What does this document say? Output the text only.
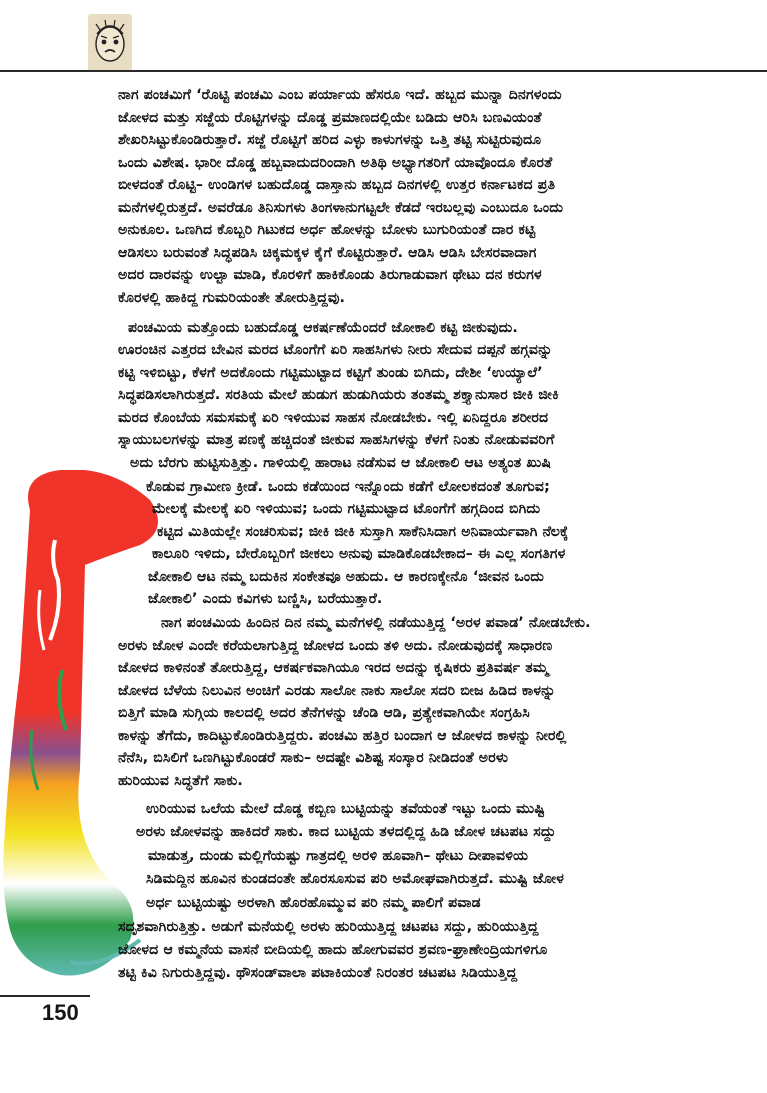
ನಾಗ ಪಂಚಮಿಗೆ ‘ರೊಟ್ಟಿ ಪಂಚಮಿ ಎಂಬ ಪರ್ಯಾಯ ಹೆಸರೂ ಇದೆ. ಹಬ್ಬದ ಮುನ್ನಾ ದಿನಗಳಂದು
ಜೋಳದ ಮತ್ತು ಸಜ್ಜೆಯ ರೊಟ್ಟಿಗಳನ್ನು ದೊಡ್ಡ ಪ್ರಮಾಣದಲ್ಲಿಯೇ ಬಡಿದು ಆರಿಸಿ ಬಣವಿಯಂತೆ
ಶೇಖರಿಸಿಟ್ಟುಕೊಂಡಿರುತ್ತಾರೆ. ಸಜ್ಜೆ ರೊಟ್ಟಿಗೆ ಹರಿದ ಎಳ್ಳು ಕಾಳುಗಳನ್ನು ಒತ್ತಿ ತಟ್ಟಿ ಸುಟ್ಟಿರುವುದೂ
ಒಂದು ವಿಶೇಷ. ಭಾರೀ ದೊಡ್ಡ ಹಬ್ಬವಾದುದರಿಂದಾಗಿ ಅತಿಥಿ ಅಭ್ಯಾಗತರಿಗೆ ಯಾವೊಂದೂ ಕೊರತೆ
ಬೀಳದಂತೆ ರೊಟ್ಟಿ– ಉಂಡಿಗಳ ಬಹುದೊಡ್ಡ ದಾಸ್ತಾನು ಹಬ್ಬದ ದಿನಗಳಲ್ಲಿ ಉತ್ತರ ಕರ್ನಾಟಕದ ಪ್ರತಿ
ಮನೆಗಳಲ್ಲಿರುತ್ತದೆ. ಅವರೆಡೂ ತಿನಿಸುಗಳು ತಿಂಗಳಾನುಗಟ್ಟಲೇ ಕೆಡದೆ ಇರಬಲ್ಲವು ಎಂಬುದೂ ಒಂದು
ಅನುಕೂಲ. ಒಣಗಿದ ಕೊಬ್ಬರಿ ಗಿಟುಕದ ಅರ್ಧ ಹೋಳನ್ನು ಬೋಳು ಬುಗುರಿಯಂತೆ ದಾರ ಕಟ್ಟಿ
ಆಡಿಸಲು ಬರುವಂತೆ ಸಿದ್ಧಪಡಿಸಿ ಚಿಕ್ಕಮಕ್ಕಳ ಕೈಗೆ ಕೊಟ್ಟಿರುತ್ತಾರೆ. ಆಡಿಸಿ ಆಡಿಸಿ ಬೇಸರವಾದಾಗ
ಅದರ ದಾರವನ್ನು ಉಲ್ಟಾ ಮಾಡಿ, ಕೊರಳಿಗೆ ಹಾಕಿಕೊಂಡು ತಿರುಗಾಡುವಾಗ ಥೇಟು ದನ ಕರುಗಳ
ಕೊರಳಲ್ಲಿ ಹಾಕಿದ್ದ ಗುಮರಿಯಂತೇ ತೋರುತ್ತಿದ್ದವು.
ಪಂಚಮಿಯ ಮತ್ತೊಂದು ಬಹುದೊಡ್ಡ ಆಕರ್ಷಣೆಯೆಂದರೆ ಜೋಕಾಲಿ ಕಟ್ಟಿ ಜೀಕುವುದು.
ಊರಂಚಿನ ಎತ್ತರದ ಬೇವಿನ ಮರದ ಟೊಂಗೆಗೆ ಏರಿ ಸಾಹಸಿಗಳು ನೀರು ಸೇದುವ ದಪ್ಪನೆ ಹಗ್ಗವನ್ನು
ಕಟ್ಟಿ ಇಳಿಬಿಟ್ಟು, ಕೆಳಗೆ ಅದಕೊಂದು ಗಟ್ಟಿಮುಟ್ಟಾದ ಕಟ್ಟಿಗೆ ತುಂಡು ಬಿಗಿದು, ದೇಶೀ ‘ಉಯ್ಯಾಲೆ’
ಸಿದ್ಧಪಡಿಸಲಾಗಿರುತ್ತದೆ. ಸರತಿಯ ಮೇಲೆ ಹುಡುಗ ಹುಡುಗಿಯರು ತಂತಮ್ಮ ಶಕ್ತ್ಯಾನುಸಾರ ಜೀಕಿ ಜೀಕಿ
ಮರದ ಕೊಂಬೆಯ ಸಮಸಮಕ್ಕೆ ಏರಿ ಇಳಿಯುವ ಸಾಹಸ ನೋಡಬೇಕು. ಇಲ್ಲಿ ಏನಿದ್ದರೂ ಶರೀರದ
ಸ್ನಾಯುಬಲಗಳನ್ನು ಮಾತ್ರ ಪಣಕ್ಕೆ ಹಚ್ಚಿದಂತೆ ಜೀಕುವ ಸಾಹಸಿಗಳನ್ನು ಕೆಳಗೆ ನಿಂತು ನೋಡುವವರಿಗೆ
ಅದು ಬೆರಗು ಹುಟ್ಟಿಸುತ್ತಿತ್ತು. ಗಾಳಿಯಲ್ಲಿ ಹಾರಾಟ ನಡೆಸುವ ಆ ಜೋಕಾಲಿ ಆಟ ಅತ್ಯಂತ ಖುಷಿ
ಕೊಡುವ ಗ್ರಾಮೀಣ ಕ್ರೀಡೆ. ಒಂದು ಕಡೆಯಿಂದ ಇನ್ನೊಂದು ಕಡೆಗೆ ಲೋಲಕದಂತೆ ತೂಗುವ;
ಮೇಲಕ್ಕೆ ಮೇಲಕ್ಕೆ ಏರಿ ಇಳಿಯುವ; ಒಂದು ಗಟ್ಟಿಮುಟ್ಟಾದ ಟೊಂಗೆಗೆ ಹಗ್ಗದಿಂದ ಬಿಗಿದು
ಕಟ್ಟಿದ ಮಿತಿಯಲ್ಲೇ ಸಂಚರಿಸುವ; ಜೀಕಿ ಜೀಕಿ ಸುಸ್ತಾಗಿ ಸಾಕೆನಿಸಿದಾಗ ಅನಿವಾರ್ಯವಾಗಿ ನೆಲಕ್ಕೆ
ಕಾಲೂರಿ ಇಳಿದು, ಬೇರೊಬ್ಬರಿಗೆ ಜೀಕಲು ಅನುವು ಮಾಡಿಕೊಡಬೇಕಾದ– ಈ ಎಲ್ಲ ಸಂಗತಿಗಳ
ಜೋಕಾಲಿ ಆಟ ನಮ್ಮ ಬದುಕಿನ ಸಂಕೇತವೂ ಅಹುದು. ಆ ಕಾರಣಕ್ಕೇನೊ ‘ಜೀವನ ಒಂದು
ಜೋಕಾಲಿ’ ಎಂದು ಕವಿಗಳು ಬಣ್ಣಿಸಿ, ಬರೆಯುತ್ತಾರೆ.
ನಾಗ ಪಂಚಮಿಯ ಹಿಂದಿನ ದಿನ ನಮ್ಮ ಮನೆಗಳಲ್ಲಿ ನಡೆಯುತ್ತಿದ್ದ ‘ಅರಳ ಪವಾಡ’ ನೋಡಬೇಕು.
ಅರಳು ಜೋಳ ಎಂದೇ ಕರೆಯಲಾಗುತ್ತಿದ್ದ ಜೋಳದ ಒಂದು ತಳಿ ಅದು. ನೋಡುವುದಕ್ಕೆ ಸಾಧಾರಣ
ಜೋಳದ ಕಾಳಿನಂತೆ ತೋರುತ್ತಿದ್ದ, ಆಕರ್ಷಕವಾಗಿಯೂ ಇರದ ಅದನ್ನು ಕೃಷಿಕರು ಪ್ರತಿವರ್ಷ ತಮ್ಮ
ಜೋಳದ ಬೆಳೆಯ ನಿಲುವಿನ ಅಂಚಿಗೆ ಎರಡು ಸಾಲೋ ನಾಕು ಸಾಲೋ ಸದರಿ ಬೀಜ ಹಿಡಿದ ಕಾಳನ್ನು
ಬಿತ್ತಿಗೆ ಮಾಡಿ ಸುಗ್ಗಿಯ ಕಾಲದಲ್ಲಿ ಅದರ ತೆನೆಗಳನ್ನು ಚೆಂಡಿ ಆಡಿ, ಪ್ರತ್ಯೇಕವಾಗಿಯೇ ಸಂಗ್ರಹಿಸಿ
ಕಾಳನ್ನು ತೆಗೆದು, ಕಾದಿಟ್ಟುಕೊಂಡಿರುತ್ತಿದ್ದರು. ಪಂಚಮಿ ಹತ್ತಿರ ಬಂದಾಗ ಆ ಜೋಳದ ಕಾಳನ್ನು ನೀರಲ್ಲಿ
ನೆನೆಸಿ, ಬಿಸಿಲಿಗೆ ಒಣಗಿಟ್ಟುಕೊಂಡರೆ ಸಾಕು– ಅದಷ್ಟೇ ವಿಶಿಷ್ಟ ಸಂಸ್ಕಾರ ನೀಡಿದಂತೆ ಅರಳು
ಹುರಿಯುವ ಸಿದ್ಧತೆಗೆ ಸಾಕು.
ಉರಿಯುವ ಒಲೆಯ ಮೇಲೆ ದೊಡ್ಡ ಕಬ್ಬಿಣ ಬುಟ್ಟಿಯನ್ನು ತವೆಯಂತೆ ಇಟ್ಟು ಒಂದು ಮುಷ್ಟಿ
ಅರಳು ಜೋಳವನ್ನು ಹಾಕಿದರೆ ಸಾಕು. ಕಾದ ಬುಟ್ಟಿಯ ತಳದಲ್ಲಿದ್ದ ಹಿಡಿ ಜೋಳ ಚಟಪಟ ಸದ್ದು
ಮಾಡುತ್ತ, ದುಂಡು ಮಲ್ಲಿಗೆಯಷ್ಟು ಗಾತ್ರದಲ್ಲಿ ಅರಳಿ ಹೂವಾಗಿ– ಥೇಟು ದೀಪಾವಳಿಯ
ಸಿಡಿಮದ್ದಿನ ಹೂವಿನ ಕುಂಡದಂತೇ ಹೊರಸೂಸುವ ಪರಿ ಅಮೋಘವಾಗಿರುತ್ತದೆ. ಮುಷ್ಟಿ ಜೋಳ
ಅರ್ಧ ಬುಟ್ಟಿಯಷ್ಟು ಅರಳಾಗಿ ಹೊರಹೊಮ್ಮುವ ಪರಿ ನಮ್ಮ ಪಾಲಿಗೆ ಪವಾಡ
ಸದೃಶವಾಗಿರುತ್ತಿತ್ತು. ಅಡುಗೆ ಮನೆಯಲ್ಲಿ ಅರಳು ಹುರಿಯುತ್ತಿದ್ದ ಚಟಪಟ ಸದ್ದು, ಹುರಿಯುತ್ತಿದ್ದ
ಜೋಳದ ಆ ಕಮ್ಮನೆಯ ವಾಸನೆ ಬೀದಿಯಲ್ಲಿ ಹಾದು ಹೋಗುವವರ ಶ್ರವಣ-ಘ್ರಾಣೇಂದ್ರಿಯಗಳಿಗೂ
ತಟ್ಟಿ ಕಿವಿ ನಿಗುರುತ್ತಿದ್ದವು. ಥೌಸಂಡ್‍ವಾಲಾ ಪಟಾಕಿಯಂತೆ ನಿರಂತರ ಚಟಪಟ ಸಿಡಿಯುತ್ತಿದ್ದ
150
